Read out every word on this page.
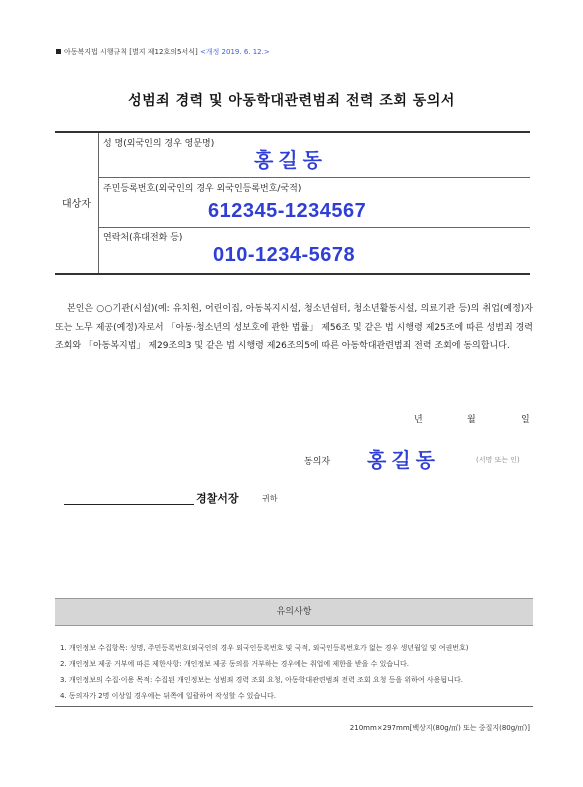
아동복지법 시행규칙 [별지 제12호의5서식] <개정 2019. 6. 12.>
성범죄 경력 및 아동학대관련범죄 전력 조회 동의서
대상자
성 명(외국인의 경우 영문명)
홍길동
주민등록번호(외국인의 경우 외국인등록번호/국적)
612345-1234567
연락처(휴대전화 등)
010-1234-5678
본인은 ○○기관(시설)(예: 유치원, 어린이집, 아동복지시설, 청소년쉼터, 청소년활동시설, 의료기관 등)의 취업(예정)자 또는 노무 제공(예정)자로서 「아동·청소년의 성보호에 관한 법률」 제56조 및 같은 법 시행령 제25조에 따른 성범죄 경력 조회와 「아동복지법」 제29조의3 및 같은 법 시행령 제26조의5에 따른 아동학대관련범죄 전력 조회에 동의합니다.
년	월	일
동의자 홍길동	(서명 또는 인)
경찰서장	귀하
유의사항
1. 개인정보 수집항목: 성명, 주민등록번호(외국인의 경우 외국인등록번호 및 국적, 외국인등록번호가 없는 경우 생년월일 및 여권번호)
2. 개인정보 제공 거부에 따른 제한사항: 개인정보 제공 동의를 거부하는 경우에는 취업에 제한을 받을 수 있습니다.
3. 개인정보의 수집·이용 목적: 수집된 개인정보는 성범죄 경력 조회 요청, 아동학대관련범죄 전력 조회 요청 등을 위하여 사용됩니다.
4. 동의자가 2명 이상일 경우에는 뒤쪽에 일괄하여 작성할 수 있습니다.
210mm×297mm[백상지(80g/㎡) 또는 중질지(80g/㎡)]
